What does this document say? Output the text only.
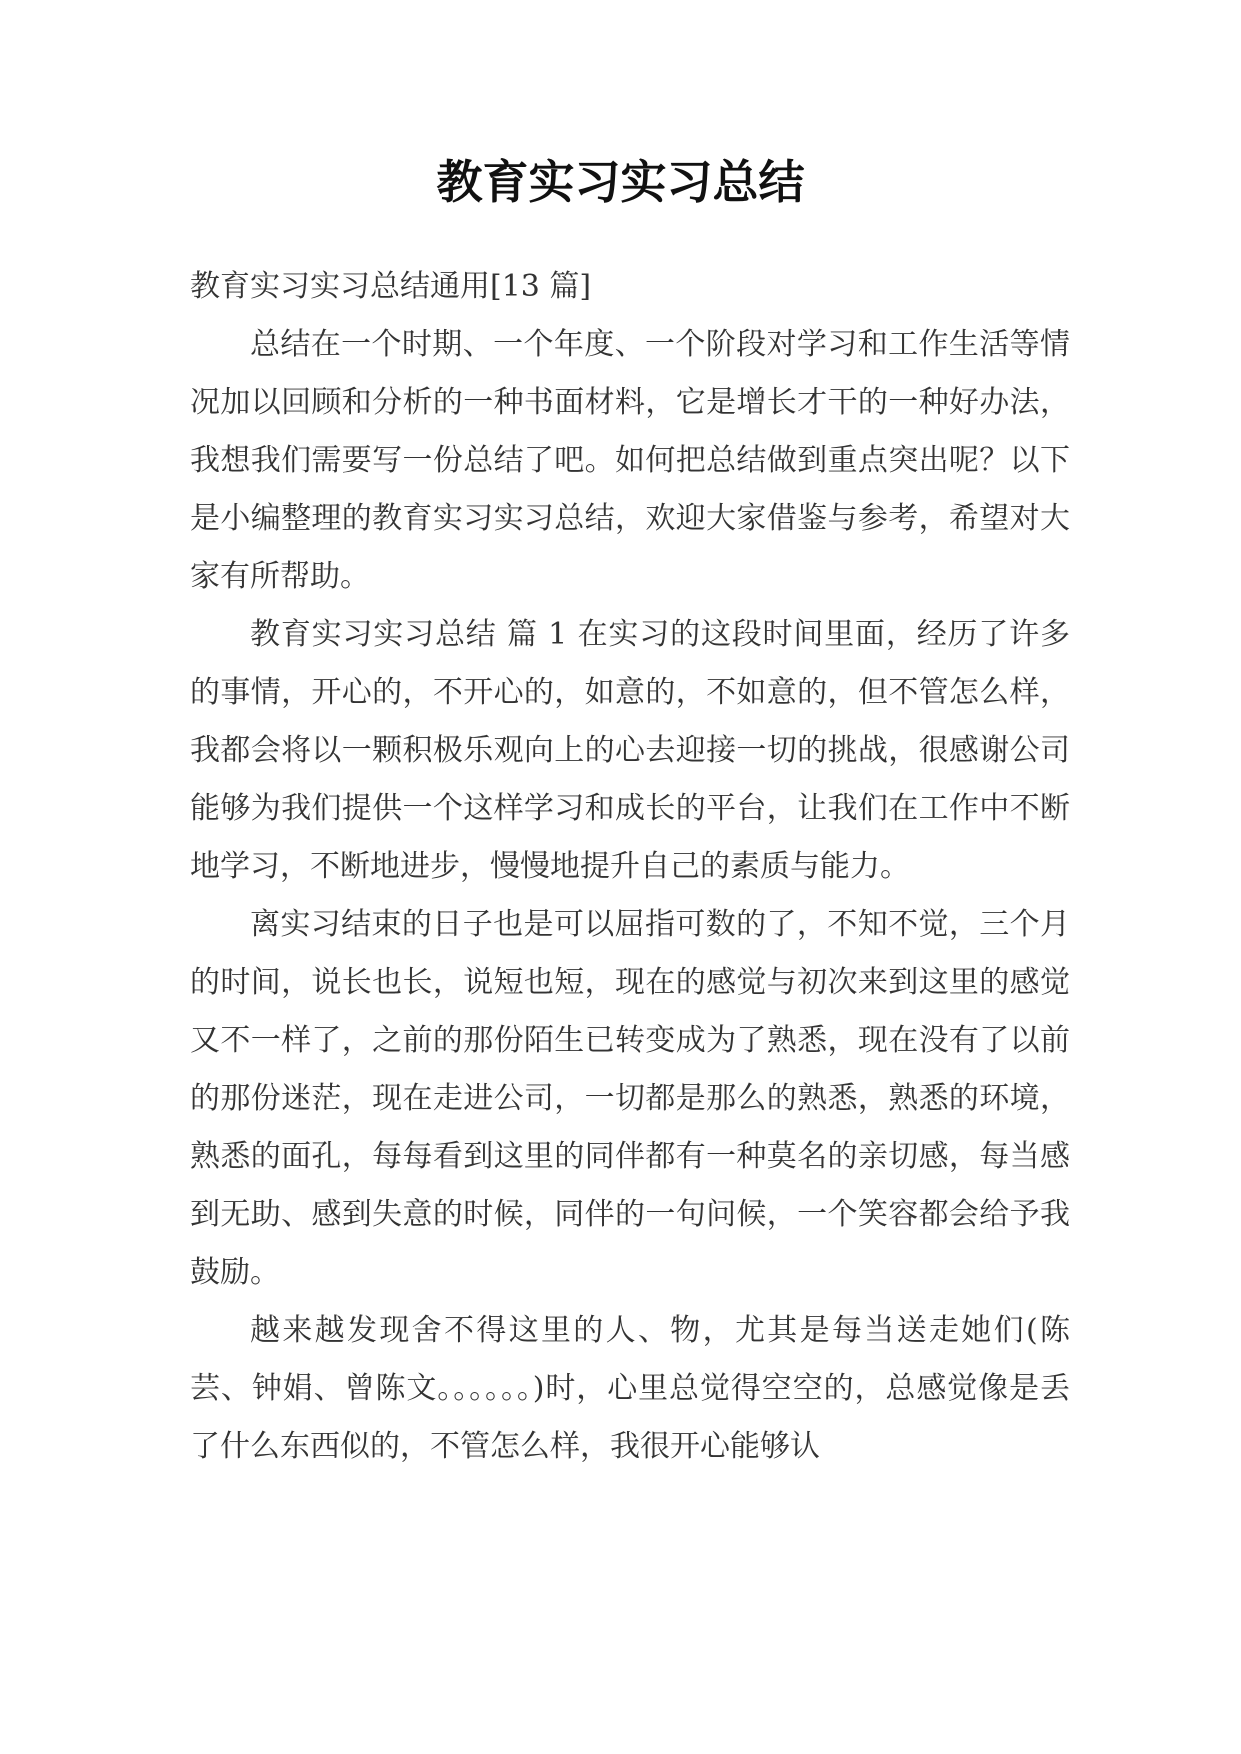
教育实习实习总结

教育实习实习总结通用[13 篇]

总结在一个时期、一个年度、一个阶段对学习和工作生活等情况加以回顾和分析的一种书面材料，它是增长才干的一种好办法，我想我们需要写一份总结了吧。如何把总结做到重点突出呢？以下是小编整理的教育实习实习总结，欢迎大家借鉴与参考，希望对大家有所帮助。

教育实习实习总结 篇 1 在实习的这段时间里面，经历了许多的事情，开心的，不开心的，如意的，不如意的，但不管怎么样，我都会将以一颗积极乐观向上的心去迎接一切的挑战，很感谢公司能够为我们提供一个这样学习和成长的平台，让我们在工作中不断地学习，不断地进步，慢慢地提升自己的素质与能力。

离实习结束的日子也是可以屈指可数的了，不知不觉，三个月的时间，说长也长，说短也短，现在的感觉与初次来到这里的感觉又不一样了，之前的那份陌生已转变成为了熟悉，现在没有了以前的那份迷茫，现在走进公司，一切都是那么的熟悉，熟悉的环境，熟悉的面孔，每每看到这里的同伴都有一种莫名的亲切感，每当感到无助、感到失意的时候，同伴的一句问候，一个笑容都会给予我鼓励。

越来越发现舍不得这里的人、物，尤其是每当送走她们(陈芸、钟娟、曾陈文。。。。。。)时，心里总觉得空空的，总感觉像是丢了什么东西似的，不管怎么样，我很开心能够认
